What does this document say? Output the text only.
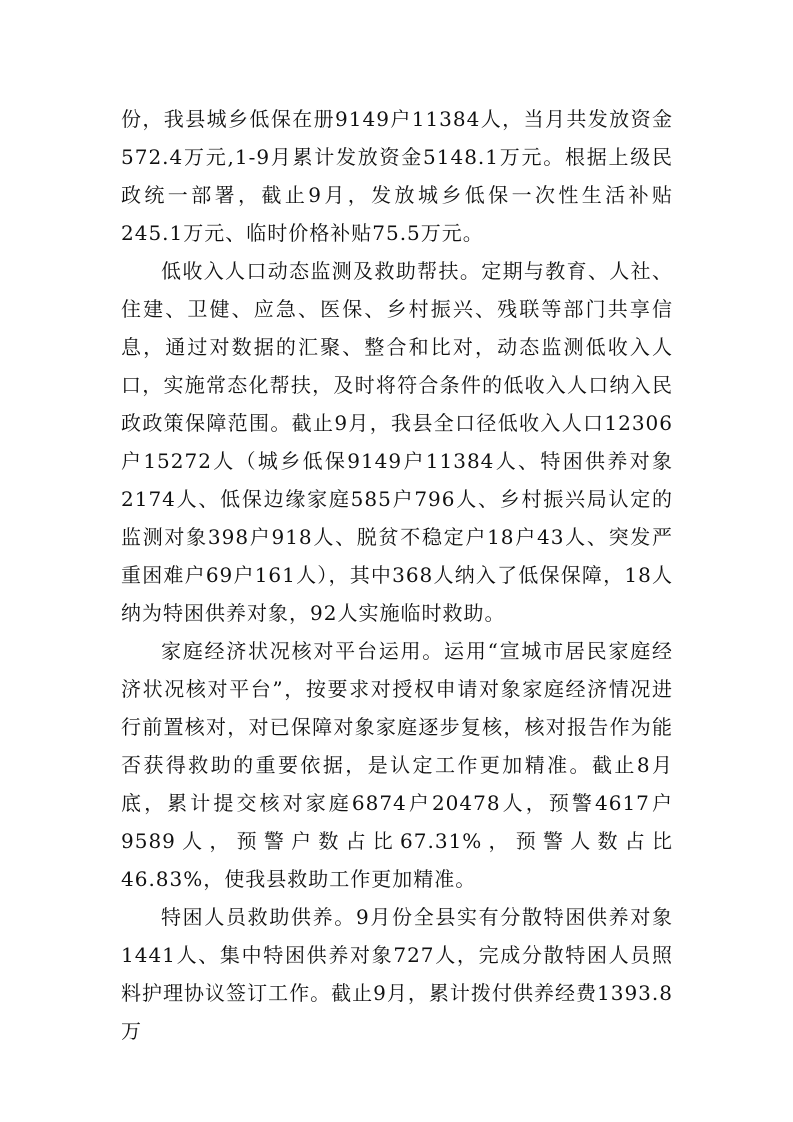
份，我县城乡低保在册9149户11384人，当月共发放资金572.4万元,1-9月累计发放资金5148.1万元。根据上级民政统一部署，截止9月，发放城乡低保一次性生活补贴245.1万元、临时价格补贴75.5万元。

低收入人口动态监测及救助帮扶。定期与教育、人社、住建、卫健、应急、医保、乡村振兴、残联等部门共享信息，通过对数据的汇聚、整合和比对，动态监测低收入人口，实施常态化帮扶，及时将符合条件的低收入人口纳入民政政策保障范围。截止9月，我县全口径低收入人口12306户15272人（城乡低保9149户11384人、特困供养对象2174人、低保边缘家庭585户796人、乡村振兴局认定的监测对象398户918人、脱贫不稳定户18户43人、突发严重困难户69户161人），其中368人纳入了低保保障，18人纳为特困供养对象，92人实施临时救助。

家庭经济状况核对平台运用。运用“宣城市居民家庭经济状况核对平台”，按要求对授权申请对象家庭经济情况进行前置核对，对已保障对象家庭逐步复核，核对报告作为能否获得救助的重要依据，是认定工作更加精准。截止8月底，累计提交核对家庭6874户20478人，预警4617户9589人，预警户数占比67.31%，预警人数占比46.83%，使我县救助工作更加精准。

特困人员救助供养。9月份全县实有分散特困供养对象1441人、集中特困供养对象727人，完成分散特困人员照料护理协议签订工作。截止9月，累计拨付供养经费1393.8万
